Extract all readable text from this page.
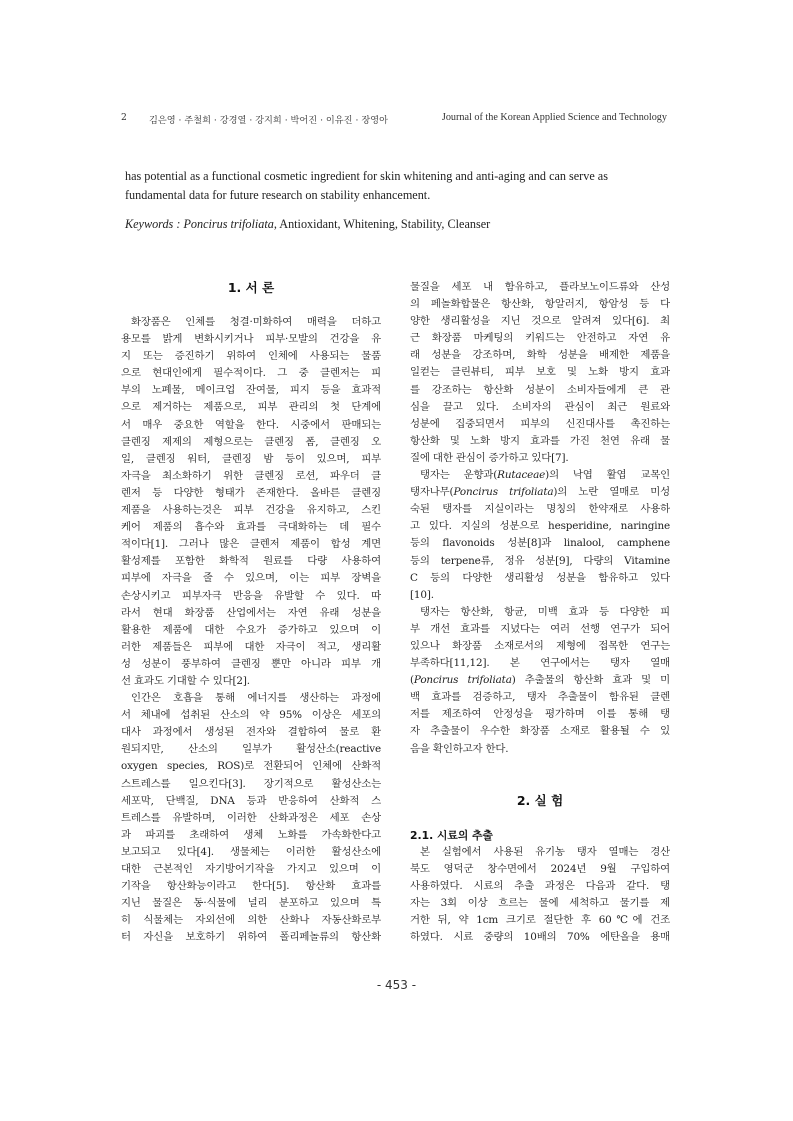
2 김은영 · 주철희 · 강경열 · 강지희 · 박어진 · 이유진 · 장영아	Journal of the Korean Applied Science and Technology
has potential as a functional cosmetic ingredient for skin whitening and anti-aging and can serve as
fundamental data for future research on stability enhancement.
Keywords : Poncirus trifoliata, Antioxidant, Whitening, Stability, Cleanser
1. 서 론
화장품은 인체를 청결·미화하여 매력을 더하고
용모를 밝게 변화시키거나 피부·모발의 건강을 유
지 또는 증진하기 위하여 인체에 사용되는 물품
으로 현대인에게 필수적이다. 그 중 클렌저는 피
부의 노폐물, 메이크업 잔여물, 피지 등을 효과적
으로 제거하는 제품으로, 피부 관리의 첫 단계에
서 매우 중요한 역할을 한다. 시중에서 판매되는
클렌징 제제의 제형으로는 클렌징 폼, 클렌징 오
일, 클렌징 워터, 클렌징 밤 등이 있으며, 피부
자극을 최소화하기 위한 클렌징 로션, 파우더 클
렌저 등 다양한 형태가 존재한다. 올바른 클렌징
제품을 사용하는것은 피부 건강을 유지하고, 스킨
케어 제품의 흡수와 효과를 극대화하는 데 필수
적이다[1]. 그러나 많은 클렌저 제품이 합성 계면
활성제를 포함한 화학적 원료를 다량 사용하여
피부에 자극을 줄 수 있으며, 이는 피부 장벽을
손상시키고 피부자극 반응을 유발할 수 있다. 따
라서 현대 화장품 산업에서는 자연 유래 성분을
활용한 제품에 대한 수요가 증가하고 있으며 이
러한 제품들은 피부에 대한 자극이 적고, 생리활
성 성분이 풍부하여 클렌징 뿐만 아니라 피부 개
선 효과도 기대할 수 있다[2].
인간은 호흡을 통해 에너지를 생산하는 과정에
서 체내에 섭취된 산소의 약 95% 이상은 세포의
대사 과정에서 생성된 전자와 결합하여 물로 환
원되지만, 산소의 일부가 활성산소(reactive
oxygen species, ROS)로 전환되어 인체에 산화적
스트레스를 일으킨다[3]. 장기적으로 활성산소는
세포막, 단백질, DNA 등과 반응하여 산화적 스
트레스를 유발하며, 이러한 산화과정은 세포 손상
과 파괴를 초래하여 생체 노화를 가속화한다고
보고되고 있다[4]. 생물체는 이러한 활성산소에
대한 근본적인 자기방어기작을 가지고 있으며 이
기작을 항산화능이라고 한다[5]. 항산화 효과를
지닌 물질은 동·식물에 널리 분포하고 있으며 특
히 식물체는 자외선에 의한 산화나 자동산화로부
터 자신을 보호하기 위하여 폴리페놀류의 항산화
물질을 세포 내 함유하고, 플라보노이드류와 산성
의 페놀화합물은 항산화, 항알러지, 항암성 등 다
양한 생리활성을 지닌 것으로 알려져 있다[6]. 최
근 화장품 마케팅의 키워드는 안전하고 자연 유
래 성분을 강조하며, 화학 성분을 배제한 제품을
일컫는 클린뷰티, 피부 보호 및 노화 방지 효과
를 강조하는 항산화 성분이 소비자들에게 큰 관
심을 끌고 있다. 소비자의 관심이 최근 원료와
성분에 집중되면서 피부의 신진대사를 촉진하는
항산화 및 노화 방지 효과를 가진 천연 유래 물
질에 대한 관심이 증가하고 있다[7].
탱자는 운향과(Rutaceae)의 낙엽 활엽 교목인
탱자나무(Poncirus trifoliata)의 노란 열매로 미성
숙된 탱자를 지실이라는 명칭의 한약재로 사용하
고 있다. 지실의 성분으로 hesperidine, naringine
등의 flavonoids 성분[8]과 linalool, camphene
등의 terpene류, 정유 성분[9], 다량의 Vitamine
C 등의 다양한 생리활성 성분을 함유하고 있다
[10].
탱자는 항산화, 항균, 미백 효과 등 다양한 피
부 개선 효과를 지녔다는 여러 선행 연구가 되어
있으나 화장품 소재로서의 제형에 접목한 연구는
부족하다[11,12]. 본 연구에서는 탱자 열매
(Poncirus trifoliata) 추출물의 항산화 효과 및 미
백 효과를 검증하고, 탱자 추출물이 함유된 클렌
저를 제조하여 안정성을 평가하며 이를 통해 탱
자 추출물이 우수한 화장품 소재로 활용될 수 있
음을 확인하고자 한다.
2. 실 험
2.1. 시료의 추출
본 실험에서 사용된 유기농 탱자 열매는 경산
북도 영덕군 창수면에서 2024년 9월 구입하여
사용하였다. 시료의 추출 과정은 다음과 같다. 탱
자는 3회 이상 흐르는 물에 세척하고 물기를 제
거한 뒤, 약 1cm 크기로 절단한 후 60℃에 건조
하였다. 시료 중량의 10배의 70% 에탄올을 용매
- 453 -
